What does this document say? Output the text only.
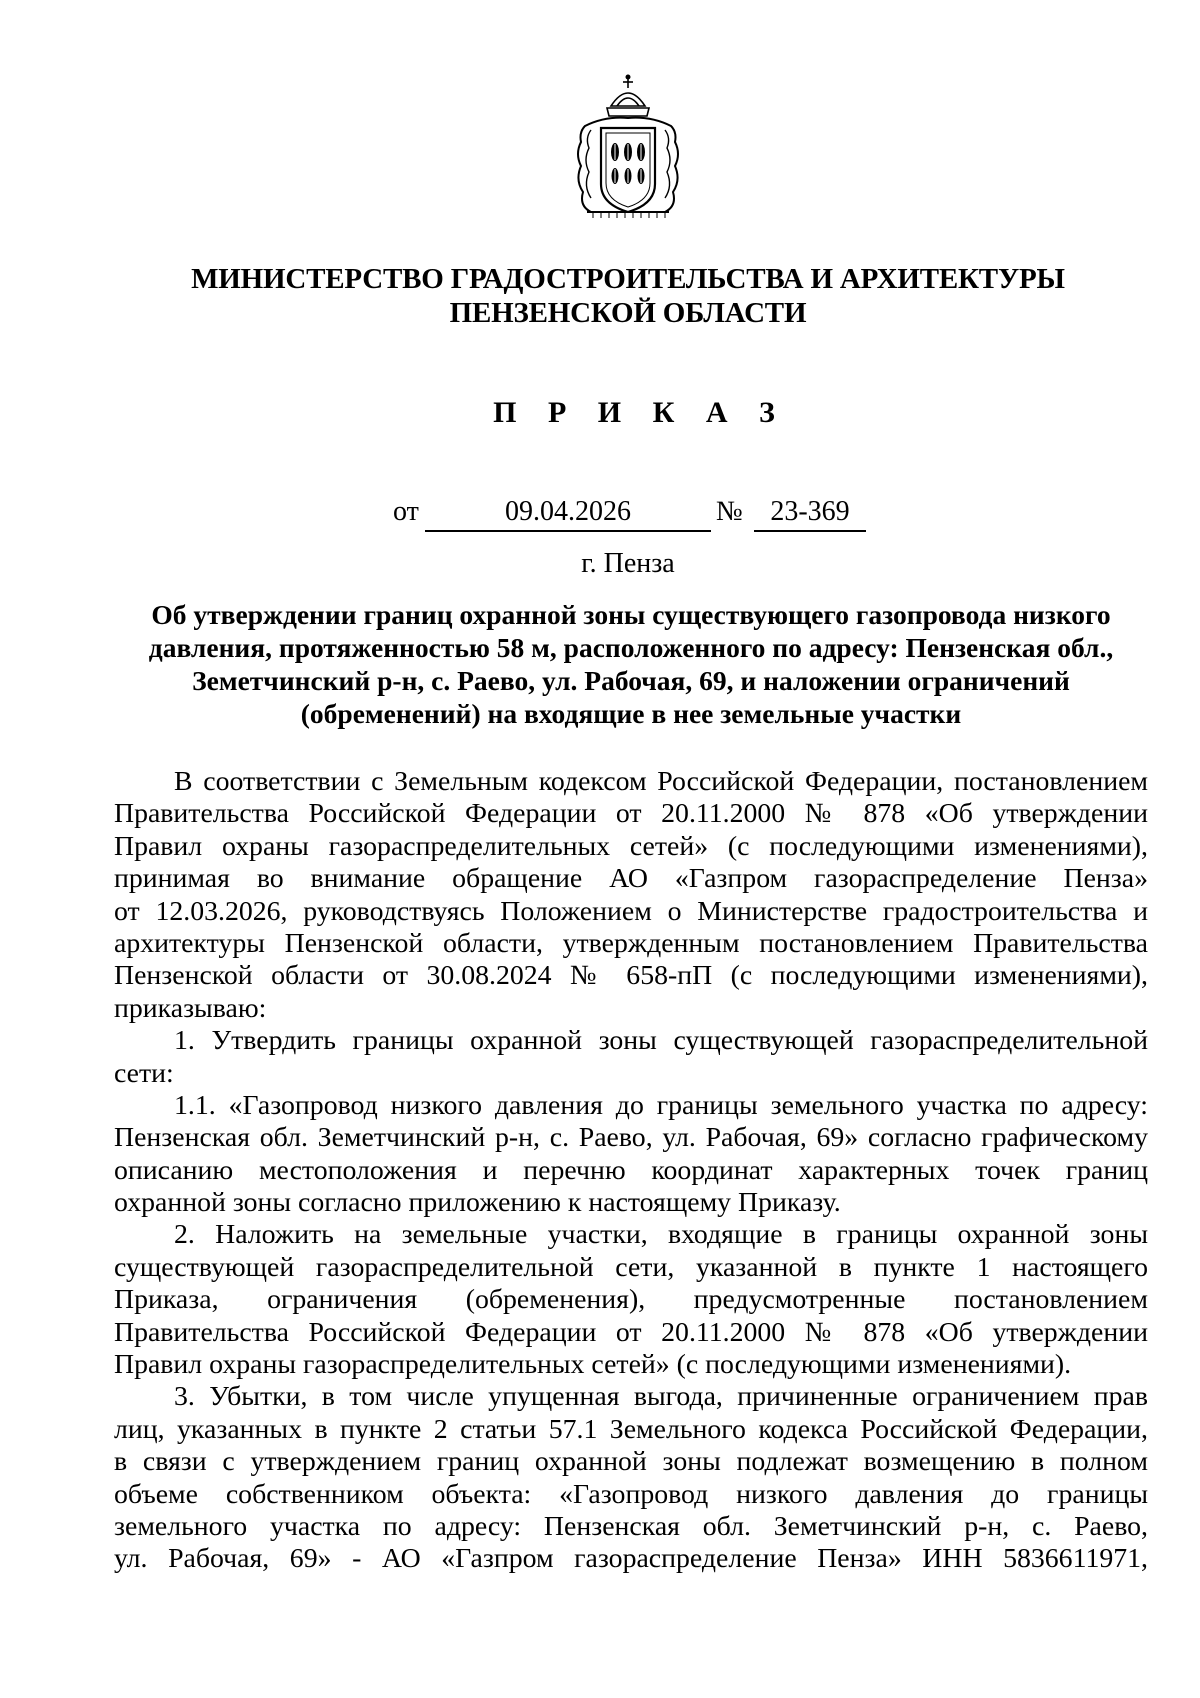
МИНИСТЕРСТВО ГРАДОСТРОИТЕЛЬСТВА И АРХИТЕКТУРЫ
ПЕНЗЕНСКОЙ ОБЛАСТИ
П Р И К А З
от	09.04.2026	№ 23-369
г. Пенза
Об утверждении границ охранной зоны существующего газопровода низкого
давления, протяженностью 58 м, расположенного по адресу: Пензенская обл.,
Земетчинский р-н, с. Раево, ул. Рабочая, 69, и наложении ограничений
(обременений) на входящие в нее земельные участки
В соответствии с Земельным кодексом Российской Федерации, постановлением
Правительства Российской Федерации от 20.11.2000 № 878 «Об утверждении
Правил охраны газораспределительных сетей» (с последующими изменениями),
принимая во внимание обращение АО «Газпром газораспределение Пенза»
от 12.03.2026, руководствуясь Положением о Министерстве градостроительства и
архитектуры Пензенской области, утвержденным постановлением Правительства
Пензенской области от 30.08.2024 № 658-пП (с последующими изменениями),
приказываю:
1. Утвердить границы охранной зоны существующей газораспределительной
сети:
1.1. «Газопровод низкого давления до границы земельного участка по адресу:
Пензенская обл. Земетчинский р-н, с. Раево, ул. Рабочая, 69» согласно графическому
описанию местоположения и перечню координат характерных точек границ
охранной зоны согласно приложению к настоящему Приказу.
2. Наложить на земельные участки, входящие в границы охранной зоны
существующей газораспределительной сети, указанной в пункте 1 настоящего
Приказа, ограничения (обременения), предусмотренные постановлением
Правительства Российской Федерации от 20.11.2000 № 878 «Об утверждении
Правил охраны газораспределительных сетей» (с последующими изменениями).
3. Убытки, в том числе упущенная выгода, причиненные ограничением прав
лиц, указанных в пункте 2 статьи 57.1 Земельного кодекса Российской Федерации,
в связи с утверждением границ охранной зоны подлежат возмещению в полном
объеме собственником объекта: «Газопровод низкого давления до границы
земельного участка по адресу: Пензенская обл. Земетчинский р-н, с. Раево,
ул. Рабочая, 69» - АО «Газпром газораспределение Пенза» ИНН 5836611971,
